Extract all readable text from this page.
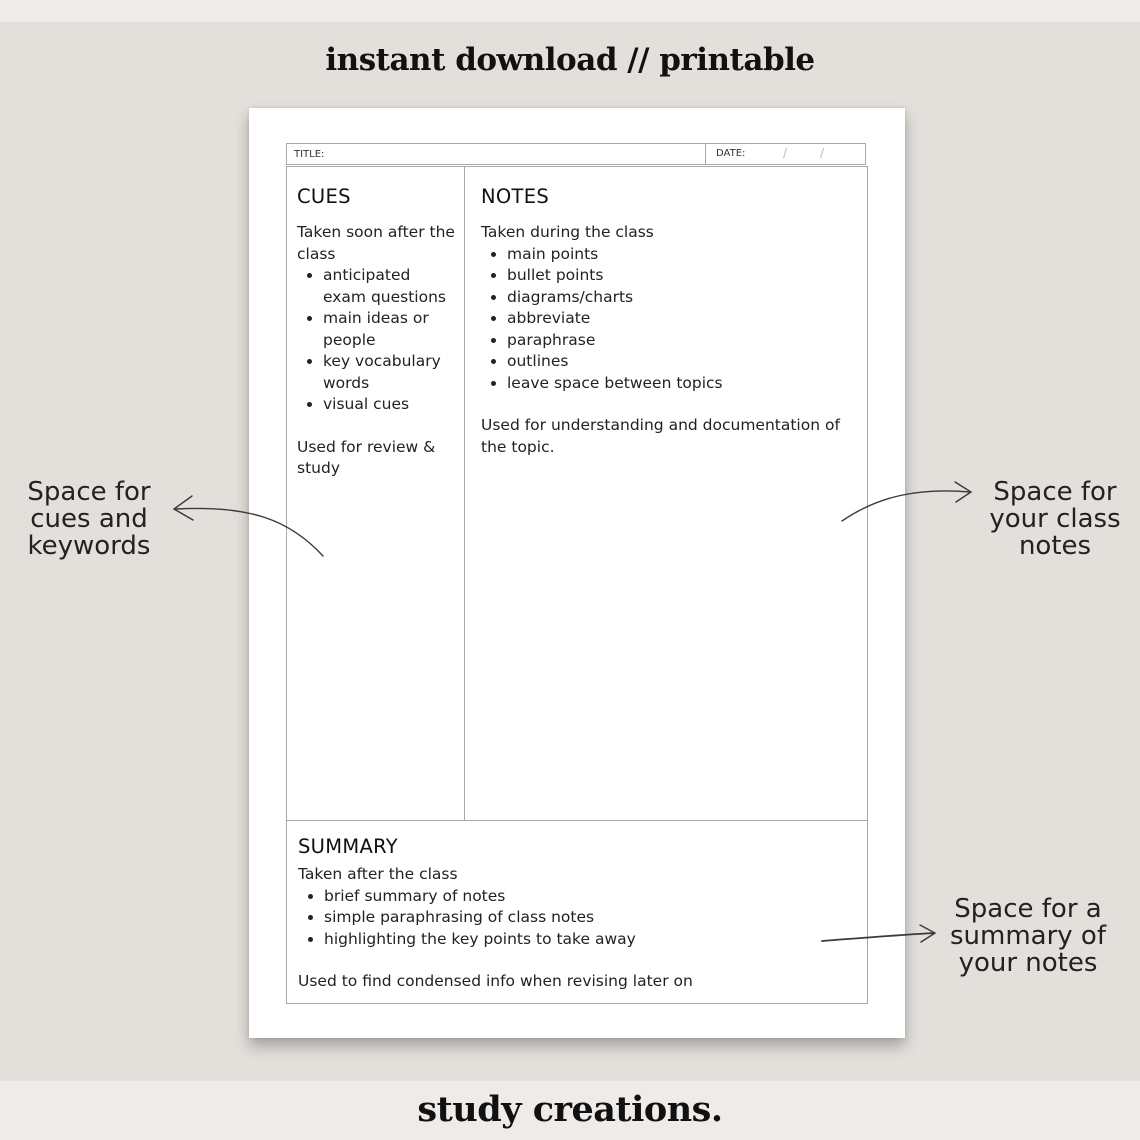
instant download // printable
TITLE:	DATE:	/	/
CUES

Taken soon after the class

• anticipated exam questions
• main ideas or people
• key vocabulary words
• visual cues

Used for review & study

NOTES

Taken during the class

• main points
• bullet points
• diagrams/charts
• abbreviate
• paraphrase
• outlines
• leave space between topics

Used for understanding and documentation of the topic.

SUMMARY

Taken after the class

• brief summary of notes
• simple paraphrasing of class notes
• highlighting the key points to take away

Used to find condensed info when revising later on

Space for
cues and
keywords
Space for
your class
notes
Space for a
summary of
your notes
study creations.
